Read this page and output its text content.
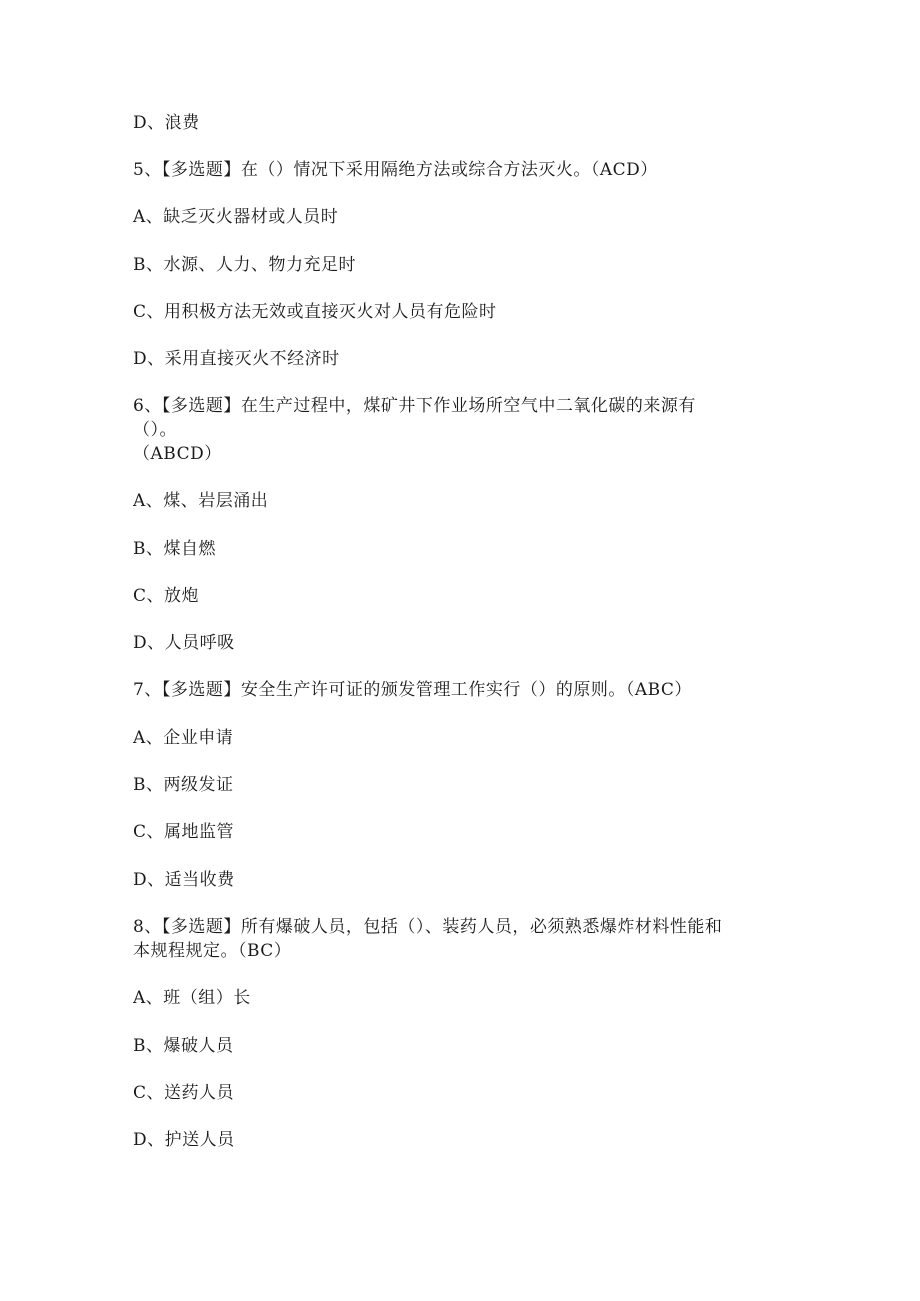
D、浪费
5、【多选题】在（）情况下采用隔绝方法或综合方法灭火。（ACD）
A、缺乏灭火器材或人员时
B、水源、人力、物力充足时
C、用积极方法无效或直接灭火对人员有危险时
D、采用直接灭火不经济时
6、【多选题】在生产过程中，煤矿井下作业场所空气中二氧化碳的来源有
（）。
（ABCD）
A、煤、岩层涌出
B、煤自燃
C、放炮
D、人员呼吸
7、【多选题】安全生产许可证的颁发管理工作实行（）的原则。（ABC）
A、企业申请
B、两级发证
C、属地监管
D、适当收费
8、【多选题】所有爆破人员，包括（）、装药人员，必须熟悉爆炸材料性能和
本规程规定。（BC）
A、班（组）长
B、爆破人员
C、送药人员
D、护送人员
